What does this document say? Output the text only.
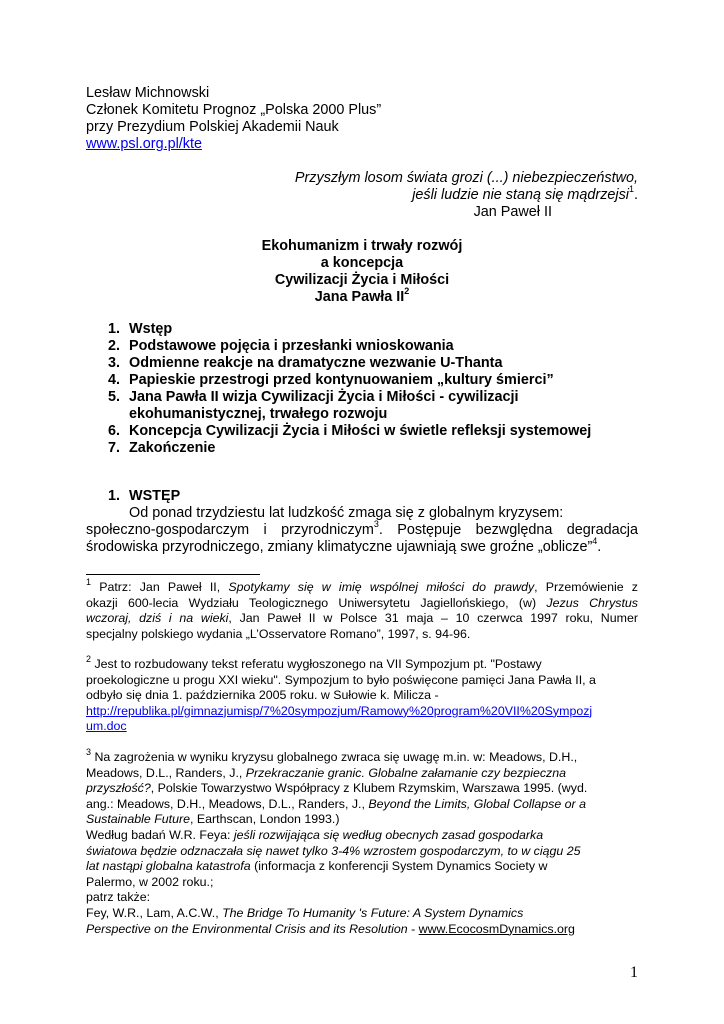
Lesław Michnowski
Członek Komitetu Prognoz „Polska 2000 Plus”
przy Prezydium Polskiej Akademii Nauk
www.psl.org.pl/kte
Przyszłym losom świata grozi (...) niebezpieczeństwo,
jeśli ludzie nie staną się mądrzejsi$^1$.
Jan Paweł II
Ekohumanizm i trwały rozwój
a koncepcja
Cywilizacji Życia i Miłości
Jana Pawła $II^2$
1. Wstęp
2. Podstawowe pojęcia i przesłanki wnioskowania
3. Odmienne reakcje na dramatyczne wezwanie U-Thanta
4. Papieskie przestrogi przed kontynuowaniem „kultury śmierci”
5. Jana Pawła II wizja Cywilizacji Życia i Miłości - cywilizacji
ekohumanistycznej, trwałego rozwoju
6. Koncepcja Cywilizacji Życia i Miłości w świetle refleksji systemowej
7. Zakończenie
1. WSTĘP
Od ponad trzydziestu lat ludzkość zmaga się z globalnym kryzysem:
społeczno-gospodarczym i przyrodniczym$^3$. Postępuje bezwględna degradacja
środowiska przyrodniczego, zmiany klimatyczne ujawniają swe groźne „oblicze”$^4$.
$^1$ Patrz: Jan Paweł II, Spotykamy się w imię wspólnej miłości do prawdy, Przemówienie z
okazji 600-lecia Wydziału Teologicznego Uniwersytetu Jagiellońskiego, (w) Jezus Chrystus
wczoraj, dziś i na wieki, Jan Paweł II w Polsce 31 maja – 10 czerwca 1997 roku, Numer
specjalny polskiego wydania „L’Osservatore Romano”, 1997, s. 94-96.
$^2$ Jest to rozbudowany tekst referatu wygłoszonego na VII Sympozjum pt. "Postawy
proekologiczne u progu XXI wieku". Sympozjum to było poświęcone pamięci Jana Pawła II, a
odbyło się dnia 1. października 2005 roku. w Sułowie k. Milicza -
http://republika.pl/gimnazjumisp/7%20sympozjum/Ramowy%20program%20VII%20Sympozj
um.doc
$^3$ Na zagrożenia w wyniku kryzysu globalnego zwraca się uwagę m.in. w: Meadows, D.H.,
Meadows, D.L., Randers, J., Przekraczanie granic. Globalne załamanie czy bezpieczna
przyszłość?, Polskie Towarzystwo Współpracy z Klubem Rzymskim, Warszawa 1995. (wyd.
ang.: Meadows, D.H., Meadows, D.L., Randers, J., Beyond the Limits, Global Collapse or a
Sustainable Future, Earthscan, London 1993.)
Według badań W.R. Feya: jeśli rozwijająca się według obecnych zasad gospodarka
światowa będzie odznaczała się nawet tylko 3-4% wzrostem gospodarczym, to w ciągu 25
lat nastąpi globalna katastrofa (informacja z konferencji System Dynamics Society w
Palermo, w 2002 roku.;
patrz także:
Fey, W.R., Lam, A.C.W., The Bridge To Humanity 's Future: A System Dynamics
Perspective on the Environmental Crisis and its Resolution - www.EcocosmDynamics.org
1
